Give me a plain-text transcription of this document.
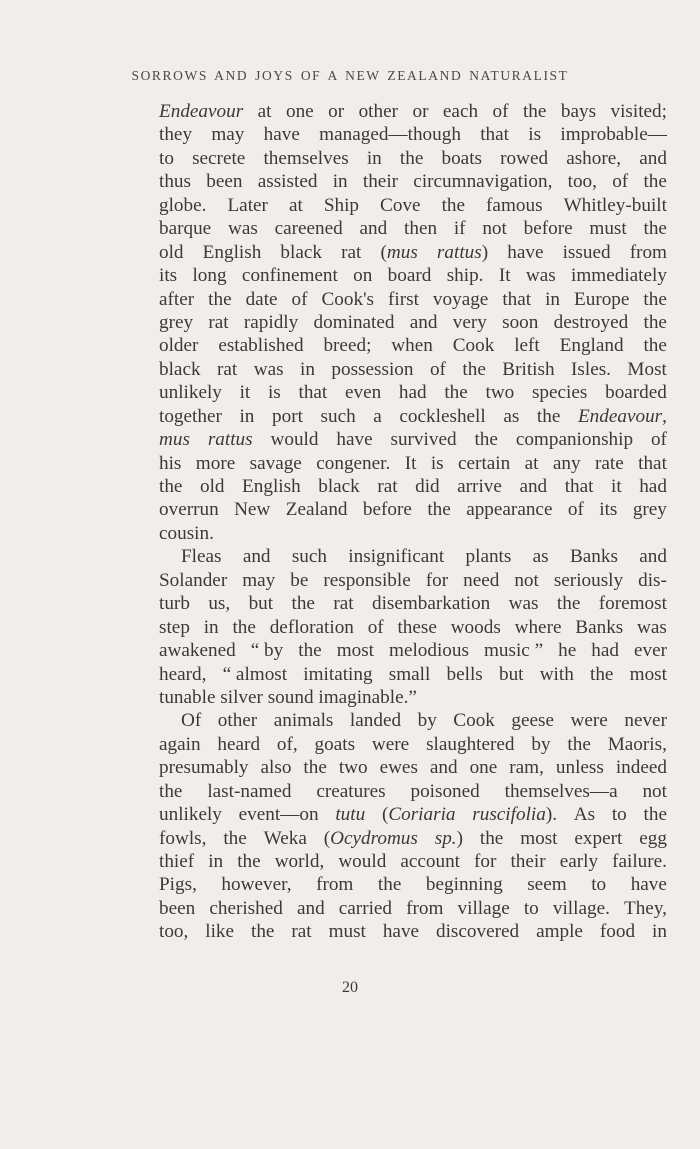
SORROWS AND JOYS OF A NEW ZEALAND NATURALIST
Endeavour at one or other or each of the bays visited;
they may have managed—though that is improbable—
to secrete themselves in the boats rowed ashore, and
thus been assisted in their circumnavigation, too, of the
globe. Later at Ship Cove the famous Whitley-built
barque was careened and then if not before must the
old English black rat (mus rattus) have issued from
its long confinement on board ship. It was immediately
after the date of Cook's first voyage that in Europe the
grey rat rapidly dominated and very soon destroyed the
older established breed; when Cook left England the
black rat was in possession of the British Isles. Most
unlikely it is that even had the two species boarded
together in port such a cockleshell as the Endeavour,
mus rattus would have survived the companionship of
his more savage congener. It is certain at any rate that
the old English black rat did arrive and that it had
overrun New Zealand before the appearance of its grey
cousin.
Fleas and such insignificant plants as Banks and
Solander may be responsible for need not seriously dis-
turb us, but the rat disembarkation was the foremost
step in the defloration of these woods where Banks was
awakened “ by the most melodious music ” he had ever
heard, “ almost imitating small bells but with the most
tunable
silver
sound
imaginable.”
Of other animals landed by Cook geese were never
again heard of, goats were slaughtered by the Maoris,
presumably also the two ewes and one ram, unless indeed
the last-named creatures poisoned themselves—a not
unlikely event—on tutu (Coriaria ruscifolia). As to the
fowls, the Weka (Ocydromus sp.) the most expert egg
thief in the world, would account for their early failure.
Pigs, however, from the beginning seem to have
been cherished and carried from village to village. They,
too, like the rat must have discovered ample food in
20
